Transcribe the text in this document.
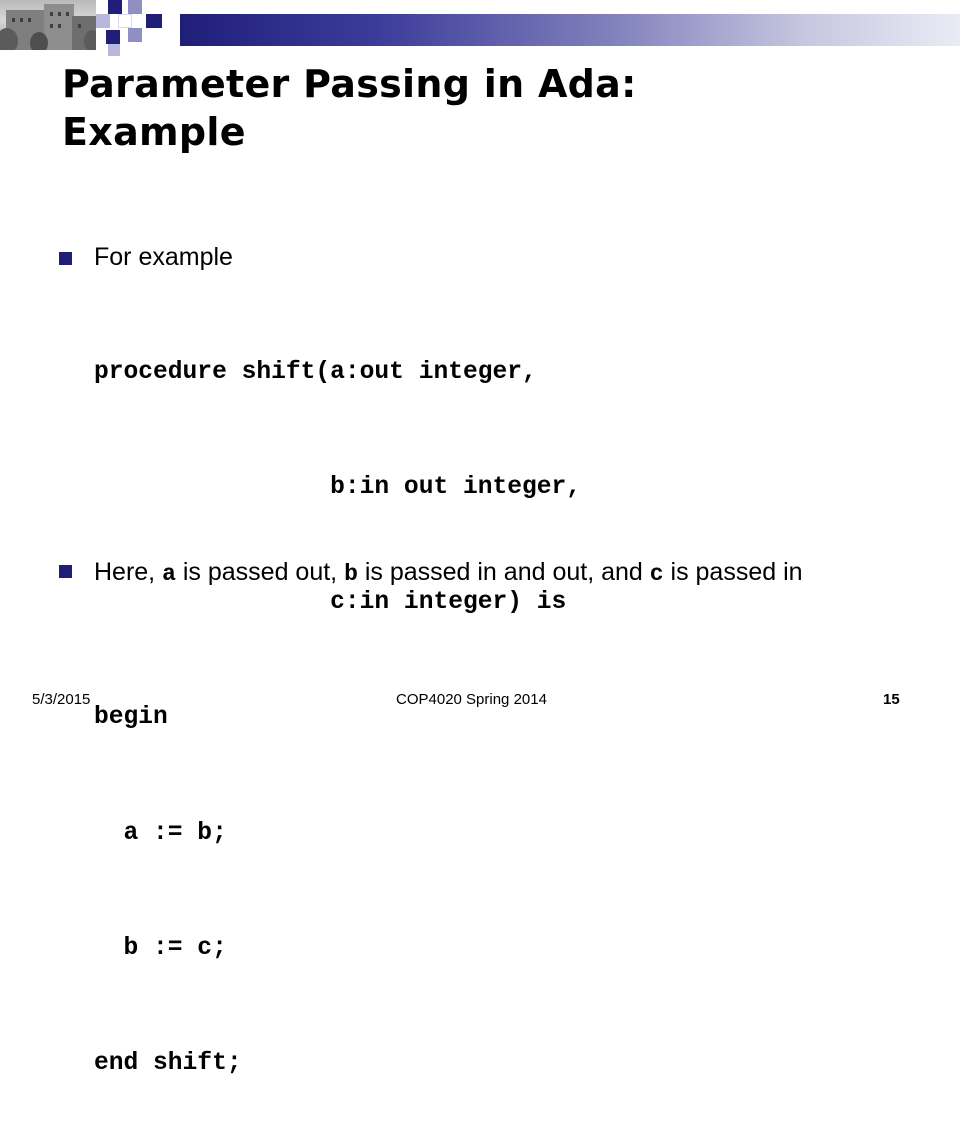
Parameter Passing in Ada:
Example
For example

procedure shift(a:out integer,

b:in out integer,

c:in integer) is

begin

a := b;

b := c;

end shift;

Here, a is passed out, b is passed in and out, and c is passed in
5/3/2015	COP4020 Spring 2014	15
